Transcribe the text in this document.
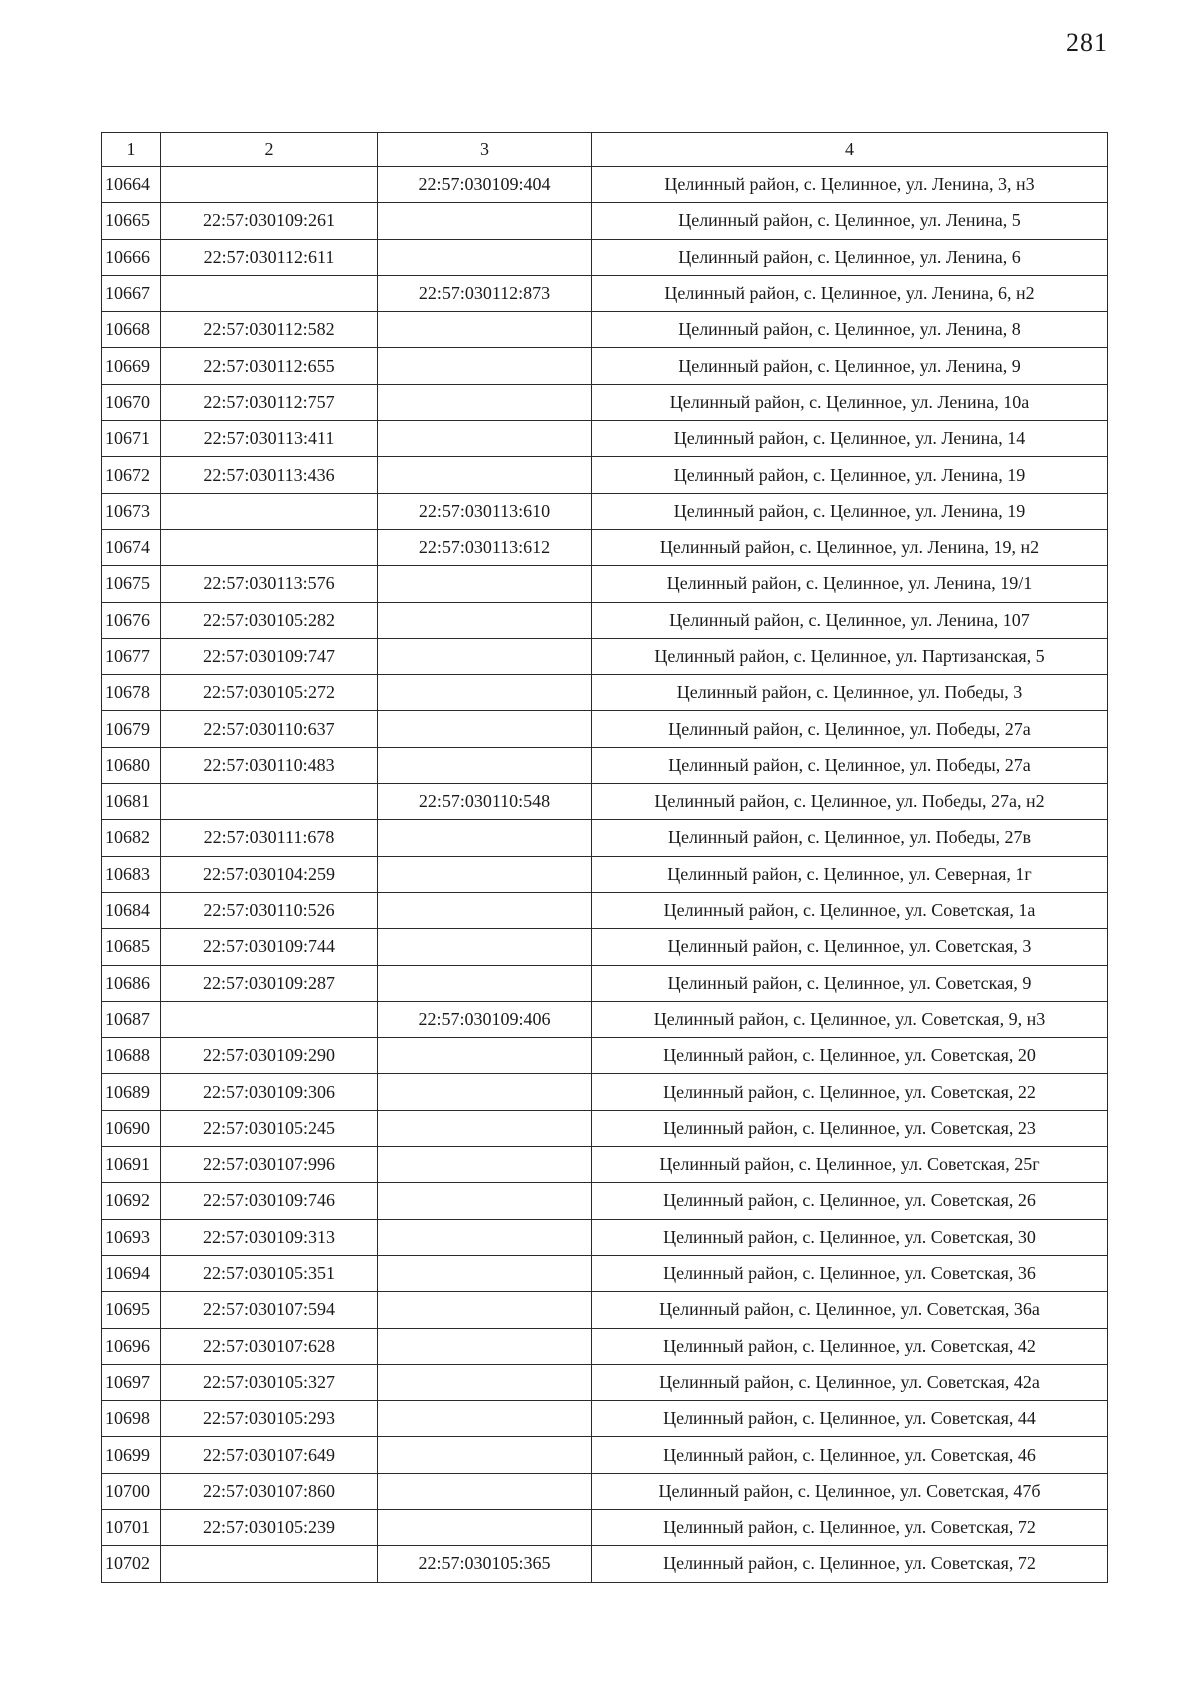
281
1	2	3	4
10664		22:57:030109:404	Целинный район, с. Целинное, ул. Ленина, 3, н3
10665	22:57:030109:261		Целинный район, с. Целинное, ул. Ленина, 5
10666	22:57:030112:611		Целинный район, с. Целинное, ул. Ленина, 6
10667		22:57:030112:873	Целинный район, с. Целинное, ул. Ленина, 6, н2
10668	22:57:030112:582		Целинный район, с. Целинное, ул. Ленина, 8
10669	22:57:030112:655		Целинный район, с. Целинное, ул. Ленина, 9
10670	22:57:030112:757		Целинный район, с. Целинное, ул. Ленина, 10а
10671	22:57:030113:411		Целинный район, с. Целинное, ул. Ленина, 14
10672	22:57:030113:436		Целинный район, с. Целинное, ул. Ленина, 19
10673		22:57:030113:610	Целинный район, с. Целинное, ул. Ленина, 19
10674		22:57:030113:612	Целинный район, с. Целинное, ул. Ленина, 19, н2
10675	22:57:030113:576		Целинный район, с. Целинное, ул. Ленина, 19/1
10676	22:57:030105:282		Целинный район, с. Целинное, ул. Ленина, 107
10677	22:57:030109:747		Целинный район, с. Целинное, ул. Партизанская, 5
10678	22:57:030105:272		Целинный район, с. Целинное, ул. Победы, 3
10679	22:57:030110:637		Целинный район, с. Целинное, ул. Победы, 27а
10680	22:57:030110:483		Целинный район, с. Целинное, ул. Победы, 27а
10681		22:57:030110:548	Целинный район, с. Целинное, ул. Победы, 27а, н2
10682	22:57:030111:678		Целинный район, с. Целинное, ул. Победы, 27в
10683	22:57:030104:259		Целинный район, с. Целинное, ул. Северная, 1г
10684	22:57:030110:526		Целинный район, с. Целинное, ул. Советская, 1а
10685	22:57:030109:744		Целинный район, с. Целинное, ул. Советская, 3
10686	22:57:030109:287		Целинный район, с. Целинное, ул. Советская, 9
10687		22:57:030109:406	Целинный район, с. Целинное, ул. Советская, 9, н3
10688	22:57:030109:290		Целинный район, с. Целинное, ул. Советская, 20
10689	22:57:030109:306		Целинный район, с. Целинное, ул. Советская, 22
10690	22:57:030105:245		Целинный район, с. Целинное, ул. Советская, 23
10691	22:57:030107:996		Целинный район, с. Целинное, ул. Советская, 25г
10692	22:57:030109:746		Целинный район, с. Целинное, ул. Советская, 26
10693	22:57:030109:313		Целинный район, с. Целинное, ул. Советская, 30
10694	22:57:030105:351		Целинный район, с. Целинное, ул. Советская, 36
10695	22:57:030107:594		Целинный район, с. Целинное, ул. Советская, 36а
10696	22:57:030107:628		Целинный район, с. Целинное, ул. Советская, 42
10697	22:57:030105:327		Целинный район, с. Целинное, ул. Советская, 42а
10698	22:57:030105:293		Целинный район, с. Целинное, ул. Советская, 44
10699	22:57:030107:649		Целинный район, с. Целинное, ул. Советская, 46
10700	22:57:030107:860		Целинный район, с. Целинное, ул. Советская, 47б
10701	22:57:030105:239		Целинный район, с. Целинное, ул. Советская, 72
10702		22:57:030105:365	Целинный район, с. Целинное, ул. Советская, 72
